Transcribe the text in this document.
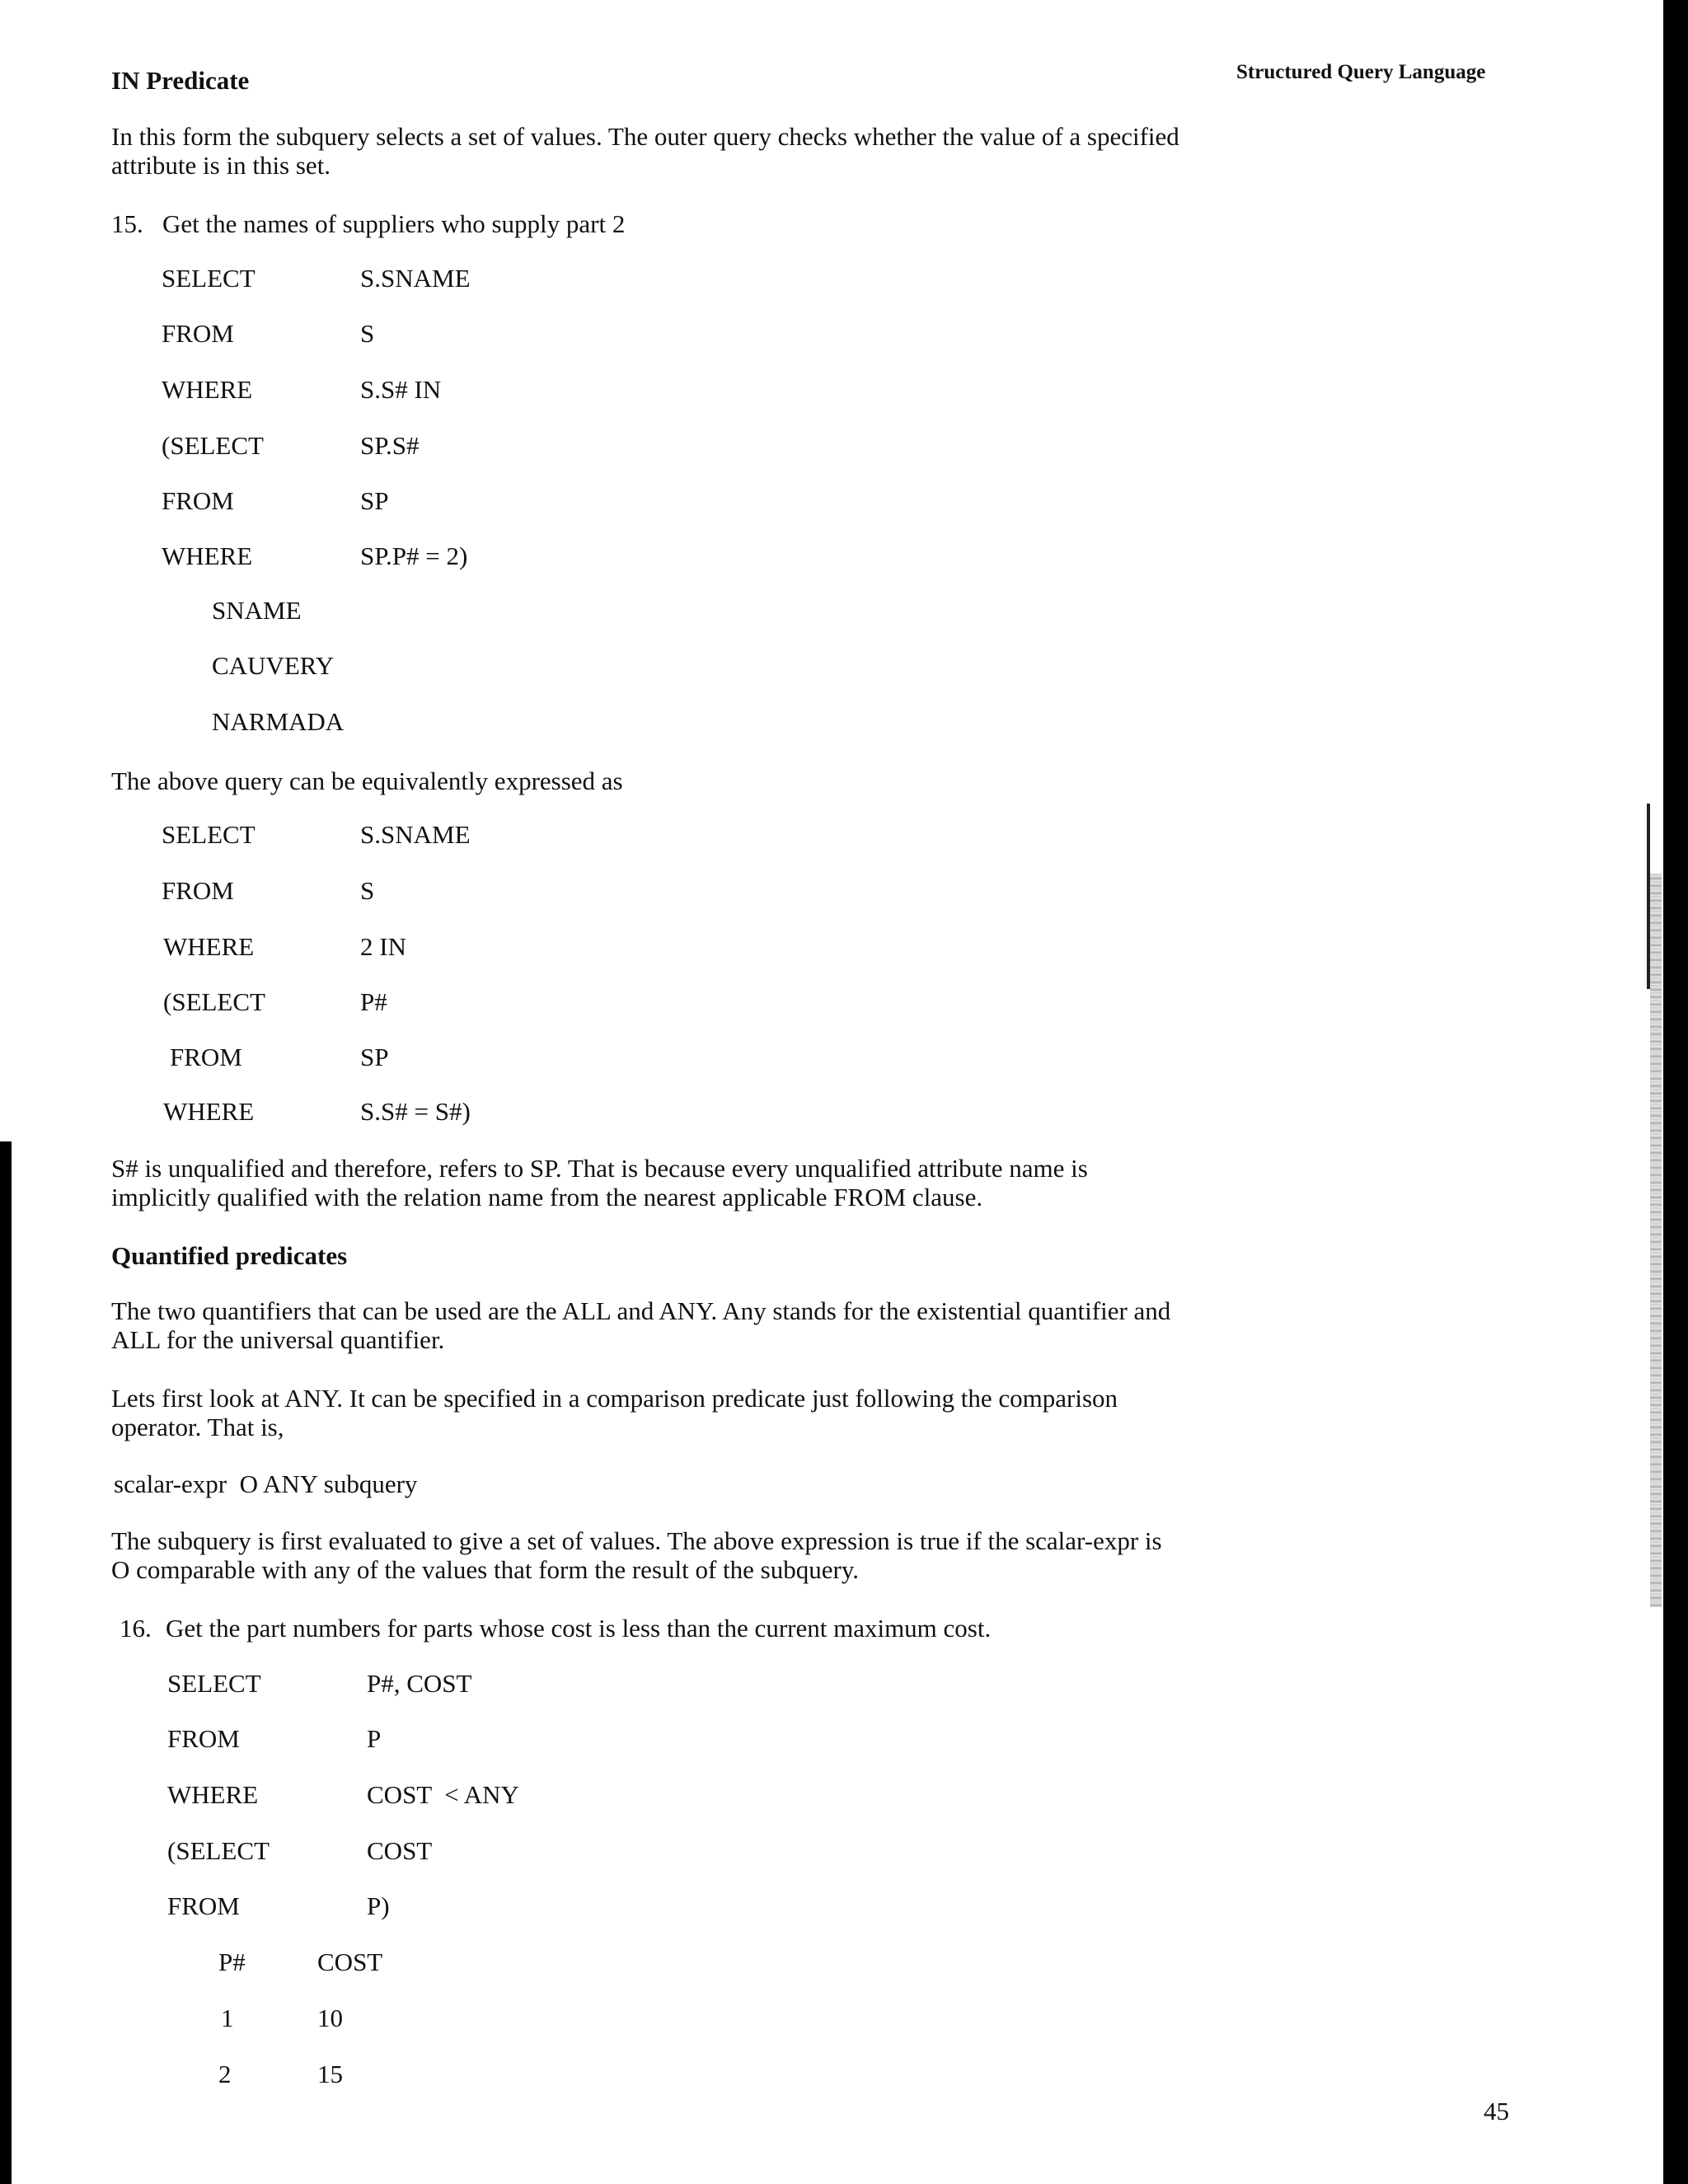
IN Predicate	Structured Query Language

In this form the subquery selects a set of values. The outer query checks whether the value of a specified attribute is in this set.

15. Get the names of suppliers who supply part 2
SELECT	S.SNAME
FROM	S
WHERE	S.S# IN
(SELECT	SP.S#
FROM	SP
WHERE	SP.P# = 2)
SNAME
CAUVERY
NARMADA

The above query can be equivalently expressed as

SELECT	S.SNAME
FROM	S
WHERE	2 IN
(SELECT	P#
FROM	SP
WHERE	S.S# = S#)

S# is unqualified and therefore, refers to SP. That is because every unqualified attribute name is implicitly qualified with the relation name from the nearest applicable FROM clause.

Quantified predicates

The two quantifiers that can be used are the ALL and ANY. Any stands for the existential quantifier and ALL for the universal quantifier.

Lets first look at ANY. It can be specified in a comparison predicate just following the comparison operator. That is,

scalar-expr  O ANY subquery

The subquery is first evaluated to give a set of values. The above expression is true if the scalar-expr is O comparable with any of the values that form the result of the subquery.

16. Get the part numbers for parts whose cost is less than the current maximum cost.
SELECT	P#, COST
FROM	P
WHERE	COST  < ANY
(SELECT	COST
FROM	P)
P#	COST
1	10
2	15
45
